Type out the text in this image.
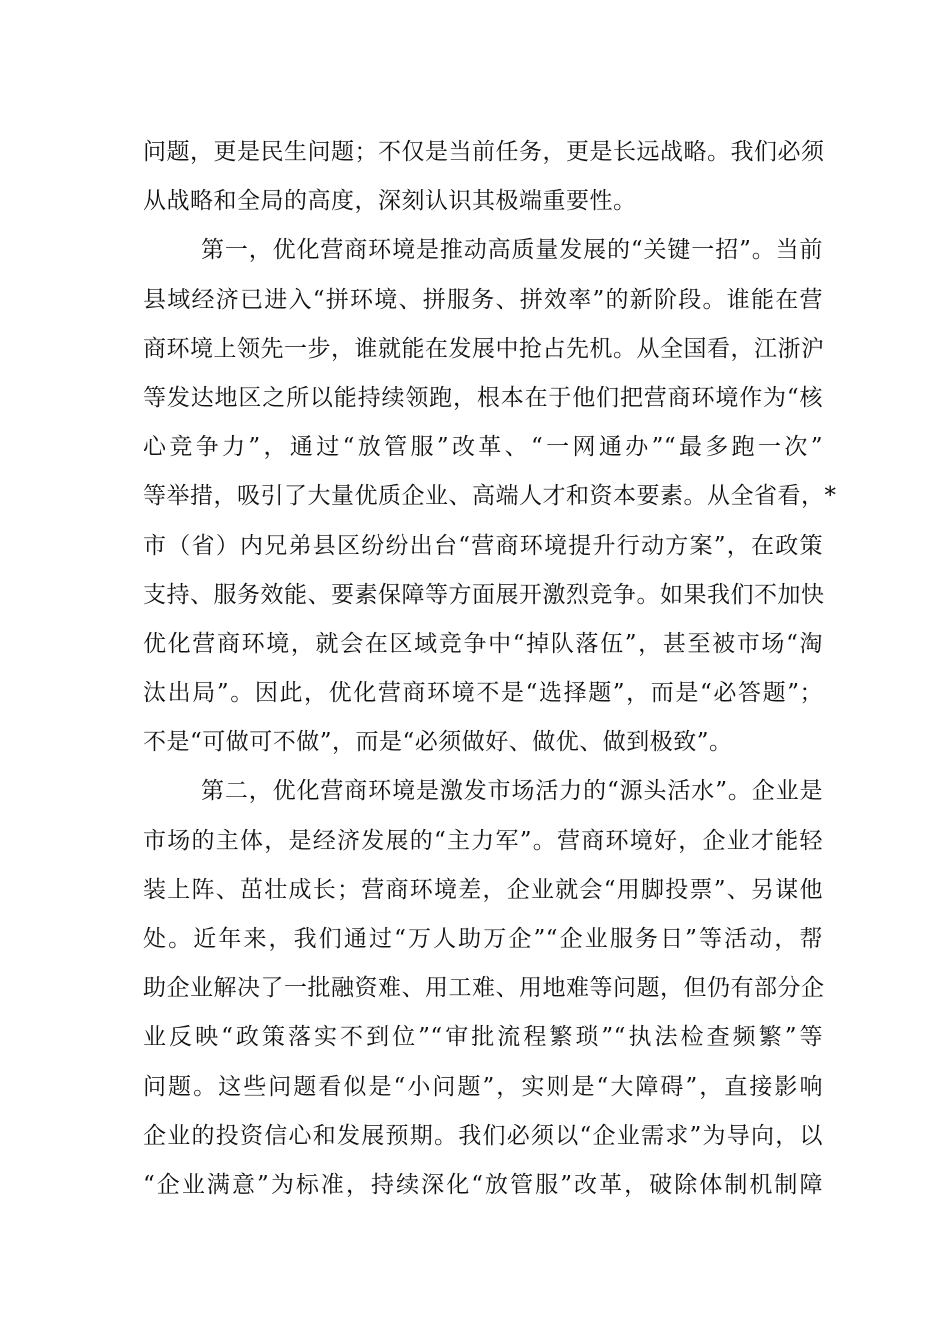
问题，更是民生问题；不仅是当前任务，更是长远战略。我们必须
从战略和全局的高度，深刻认识其极端重要性。
第一，优化营商环境是推动高质量发展的“关键一招”。当前
县域经济已进入“拼环境、拼服务、拼效率”的新阶段。谁能在营
商环境上领先一步，谁就能在发展中抢占先机。从全国看，江浙沪
等发达地区之所以能持续领跑，根本在于他们把营商环境作为“核
心竞争力”，通过“放管服”改革、“一网通办”“最多跑一次”
等举措，吸引了大量优质企业、高端人才和资本要素。从全省看，*
市（省）内兄弟县区纷纷出台“营商环境提升行动方案”，在政策
支持、服务效能、要素保障等方面展开激烈竞争。如果我们不加快
优化营商环境，就会在区域竞争中“掉队落伍”，甚至被市场“淘
汰出局”。因此，优化营商环境不是“选择题”，而是“必答题”；
不是“可做可不做”，而是“必须做好、做优、做到极致”。
第二，优化营商环境是激发市场活力的“源头活水”。企业是
市场的主体，是经济发展的“主力军”。营商环境好，企业才能轻
装上阵、茁壮成长；营商环境差，企业就会“用脚投票”、另谋他
处。近年来，我们通过“万人助万企”“企业服务日”等活动，帮
助企业解决了一批融资难、用工难、用地难等问题，但仍有部分企
业反映“政策落实不到位”“审批流程繁琐”“执法检查频繁”等
问题。这些问题看似是“小问题”，实则是“大障碍”，直接影响
企业的投资信心和发展预期。我们必须以“企业需求”为导向，以
“企业满意”为标准，持续深化“放管服”改革，破除体制机制障
